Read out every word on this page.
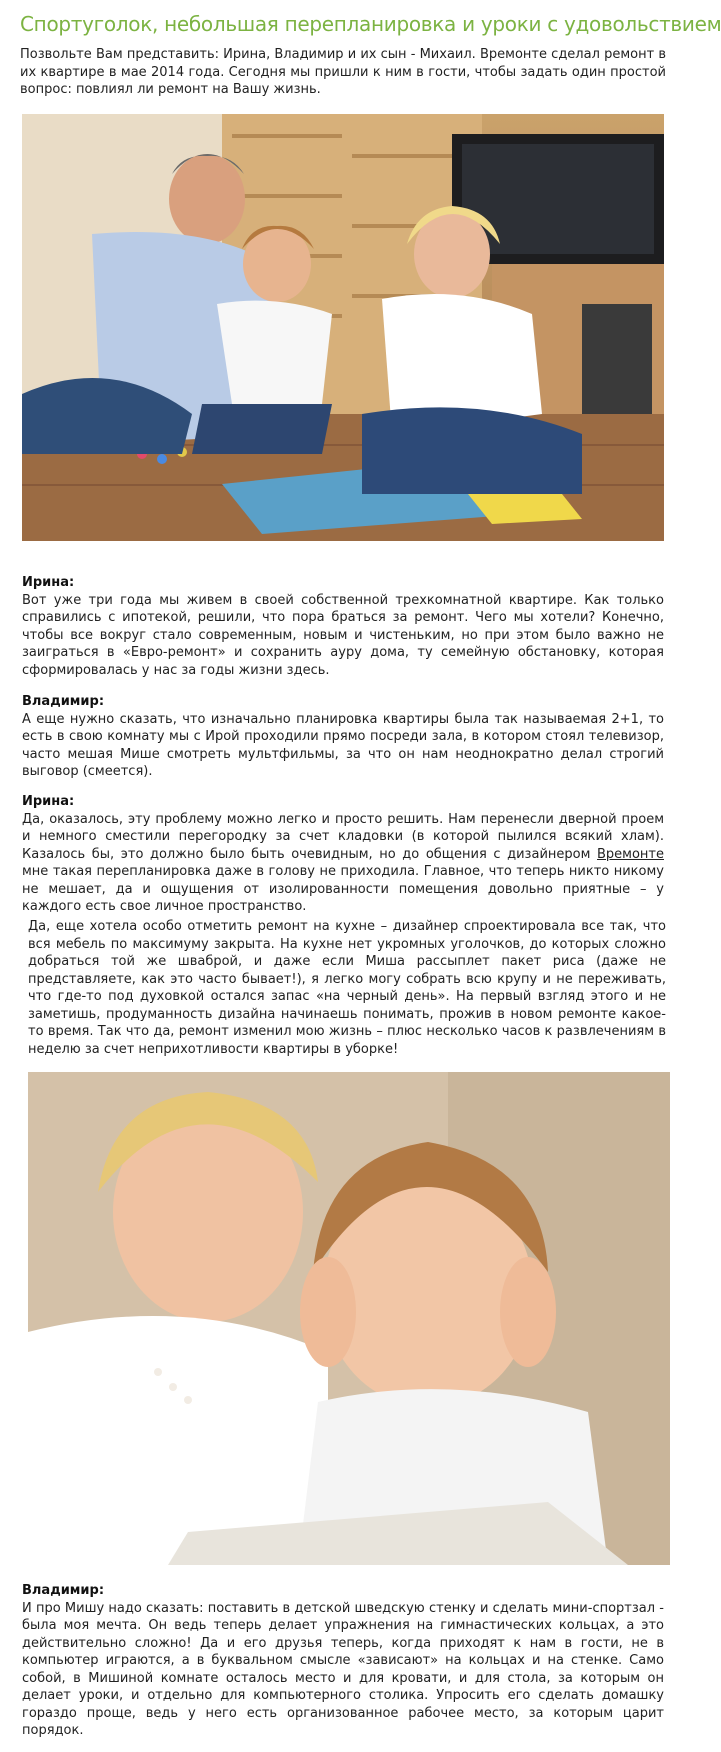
Спортуголок, небольшая перепланировка и уроки с удовольствием

Позвольте Вам представить: Ирина, Владимир и их сын - Михаил. Времонте сделал ремонт в их квартире в мае 2014 года. Сегодня мы пришли к ним в гости, чтобы задать один простой вопрос: повлиял ли ремонт на Вашу жизнь.

Ирина:
Вот уже три года мы живем в своей собственной трехкомнатной квартире. Как только справились с ипотекой, решили, что пора браться за ремонт. Чего мы хотели? Конечно, чтобы все вокруг стало современным, новым и чистеньким, но при этом было важно не заиграться в «Евро-ремонт» и сохранить ауру дома, ту семейную обстановку, которая сформировалась у нас за годы жизни здесь.

Владимир:
А еще нужно сказать, что изначально планировка квартиры была так называемая 2+1, то есть в свою комнату мы с Ирой проходили прямо посреди зала, в котором стоял телевизор, часто мешая Мише смотреть мультфильмы, за что он нам неоднократно делал строгий выговор (смеется).

Ирина:
Да, оказалось, эту проблему можно легко и просто решить. Нам перенесли дверной проем и немного сместили перегородку за счет кладовки (в которой пылился всякий хлам). Казалось бы, это должно было быть очевидным, но до общения с дизайнером Времонте мне такая перепланировка даже в голову не приходила. Главное, что теперь никто никому не мешает, да и ощущения от изолированности помещения довольно приятные – у каждого есть свое личное пространство.

Да, еще хотела особо отметить ремонт на кухне – дизайнер спроектировала все так, что вся мебель по максимуму закрыта. На кухне нет укромных уголочков, до которых сложно добраться той же шваброй, и даже если Миша рассыплет пакет риса (даже не представляете, как это часто бывает!), я легко могу собрать всю крупу и не переживать, что где-то под духовкой остался запас «на черный день». На первый взгляд этого и не заметишь, продуманность дизайна начинаешь понимать, прожив в новом ремонте какое-то время. Так что да, ремонт изменил мою жизнь – плюс несколько часов к развлечениям в неделю за счет неприхотливости квартиры в уборке!

Владимир:
И про Мишу надо сказать: поставить в детской шведскую стенку и сделать мини-спортзал - была моя мечта. Он ведь теперь делает упражнения на гимнастических кольцах, а это действительно сложно! Да и его друзья теперь, когда приходят к нам в гости, не в компьютер играются, а в буквальном смысле «зависают» на кольцах и на стенке. Само собой, в Мишиной комнате осталось место и для кровати, и для стола, за которым он делает уроки, и отдельно для компьютерного столика. Упросить его сделать домашку гораздо проще, ведь у него есть организованное рабочее место, за которым царит порядок.
